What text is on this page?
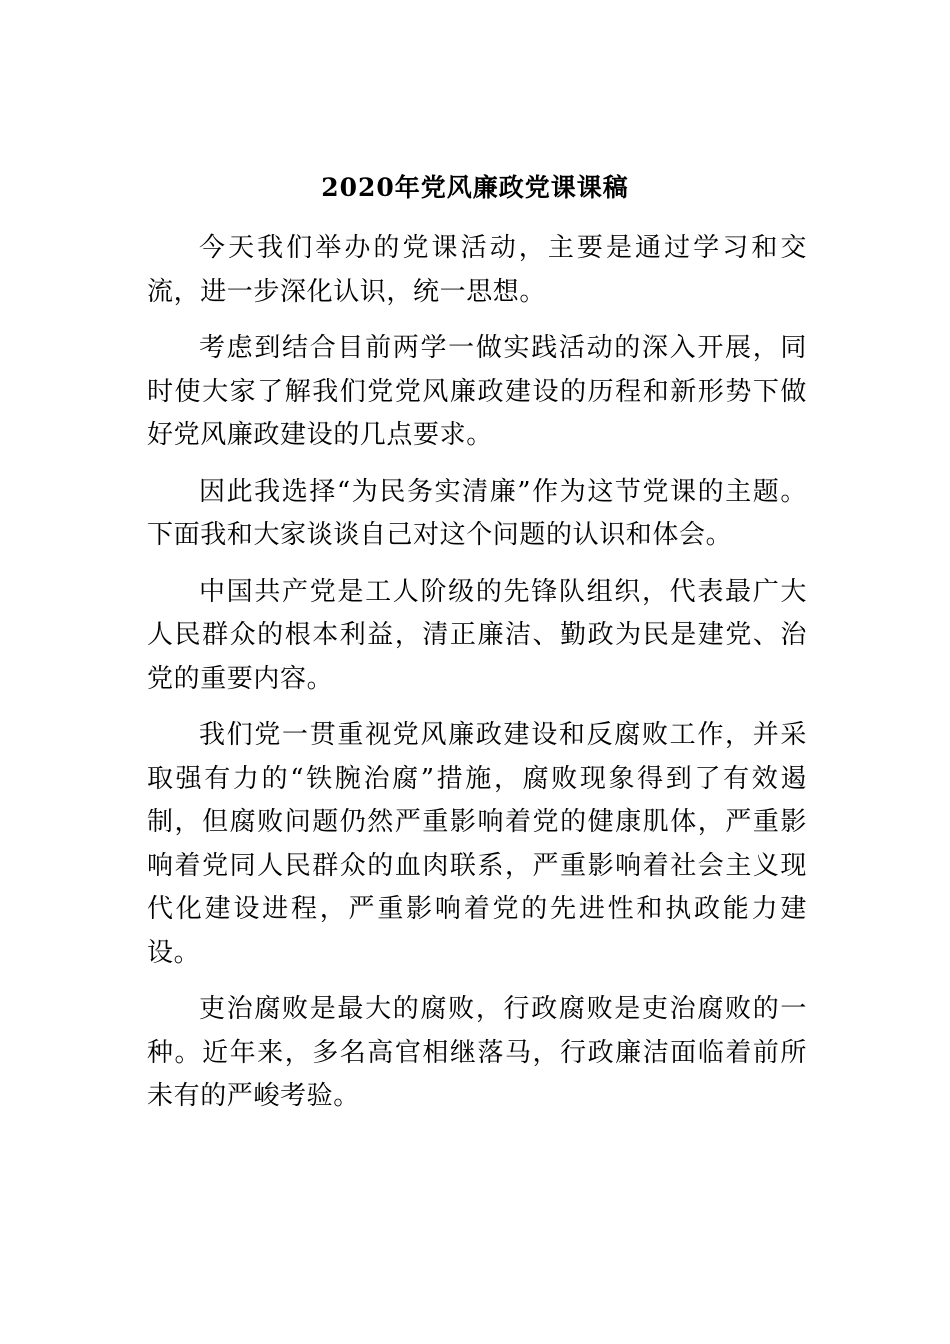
2020年党风廉政党课课稿

今天我们举办的党课活动，主要是通过学习和交流，进一步深化认识，统一思想。

考虑到结合目前两学一做实践活动的深入开展，同时使大家了解我们党党风廉政建设的历程和新形势下做好党风廉政建设的几点要求。

因此我选择“为民务实清廉”作为这节党课的主题。下面我和大家谈谈自己对这个问题的认识和体会。

中国共产党是工人阶级的先锋队组织，代表最广大人民群众的根本利益，清正廉洁、勤政为民是建党、治党的重要内容。

我们党一贯重视党风廉政建设和反腐败工作，并采取强有力的“铁腕治腐”措施，腐败现象得到了有效遏制，但腐败问题仍然严重影响着党的健康肌体，严重影响着党同人民群众的血肉联系，严重影响着社会主义现代化建设进程，严重影响着党的先进性和执政能力建设。

吏治腐败是最大的腐败，行政腐败是吏治腐败的一种。近年来，多名高官相继落马，行政廉洁面临着前所未有的严峻考验。
